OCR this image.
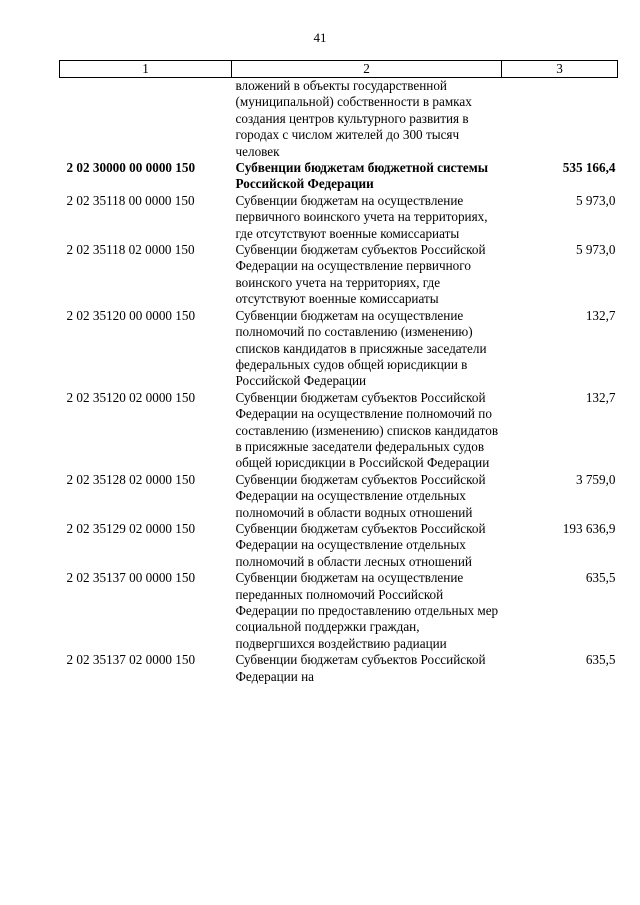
41
1	2	3
	вложений в объекты государственной (муниципальной) собственности в рамках создания центров культурного развития в городах с числом жителей до 300 тысяч человек	
2 02 30000 00 0000 150	Субвенции бюджетам бюджетной системы Российской Федерации	535 166,4
2 02 35118 00 0000 150	Субвенции бюджетам на осуществление первичного воинского учета на территориях, где отсутствуют военные комиссариаты	5 973,0
2 02 35118 02 0000 150	Субвенции бюджетам субъектов Российской Федерации на осуществление первичного воинского учета на территориях, где отсутствуют военные комиссариаты	5 973,0
2 02 35120 00 0000 150	Субвенции бюджетам на осуществление полномочий по составлению (изменению) списков кандидатов в присяжные заседатели федеральных судов общей юрисдикции в Российской Федерации	132,7
2 02 35120 02 0000 150	Субвенции бюджетам субъектов Российской Федерации на осуществление полномочий по составлению (изменению) списков кандидатов в присяжные заседатели федеральных судов общей юрисдикции в Российской Федерации	132,7
2 02 35128 02 0000 150	Субвенции бюджетам субъектов Российской Федерации на осуществление отдельных полномочий в области водных отношений	3 759,0
2 02 35129 02 0000 150	Субвенции бюджетам субъектов Российской Федерации на осуществление отдельных полномочий в области лесных отношений	193 636,9
2 02 35137 00 0000 150	Субвенции бюджетам на осуществление переданных полномочий Российской Федерации по предоставлению отдельных мер социальной поддержки граждан, подвергшихся воздействию радиации	635,5
2 02 35137 02 0000 150	Субвенции бюджетам субъектов Российской Федерации на	635,5
